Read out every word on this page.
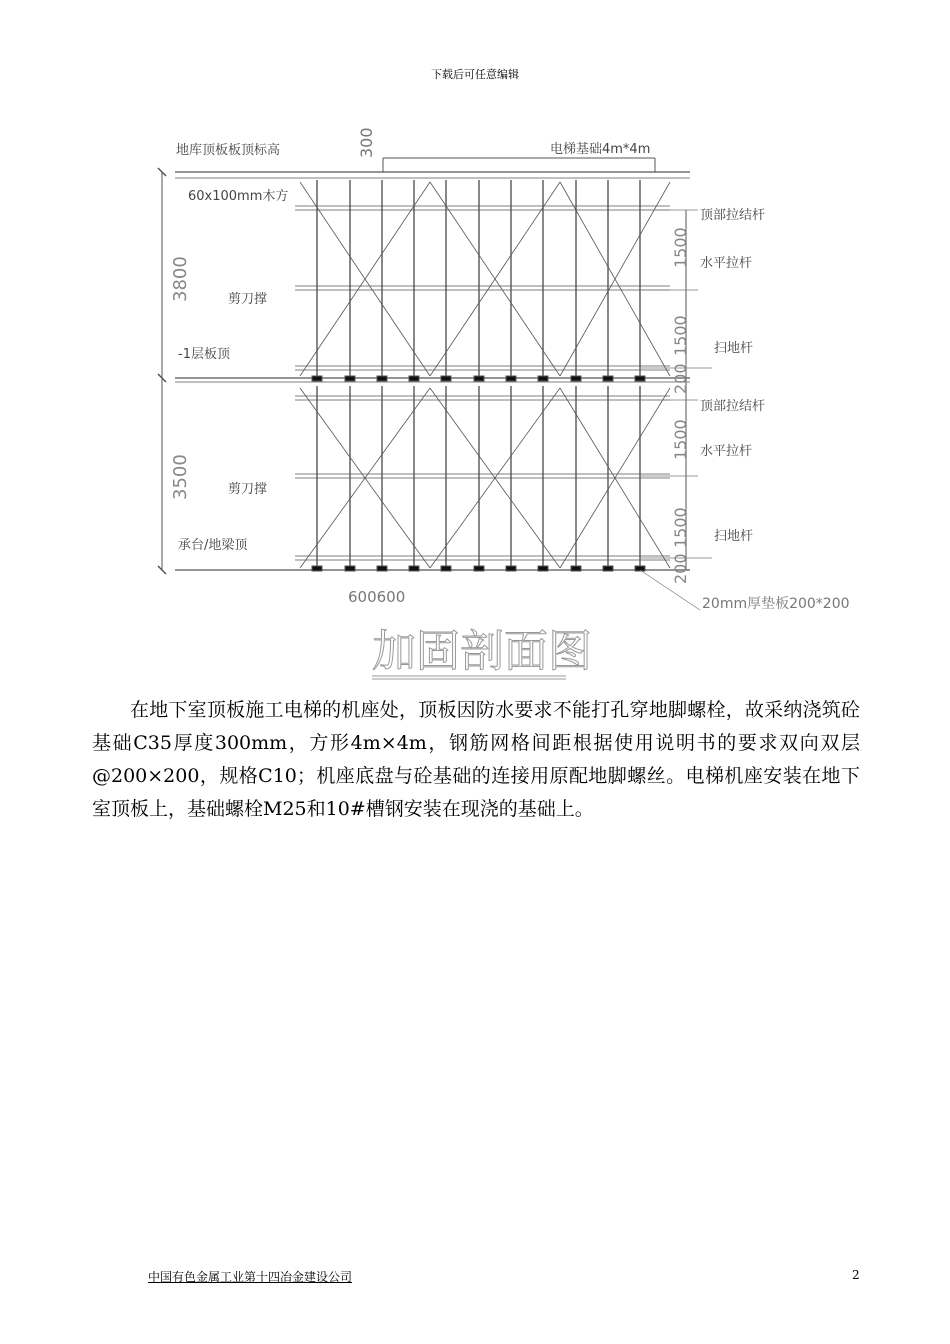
下载后可任意编辑
地库顶板板顶标高
60x100mm木方
电梯基础4m*4m
300
3800
3500
剪刀撑
剪刀撑
-1层板顶
承台/地梁顶
顶部拉结杆
水平拉杆
扫地杆
顶部拉结杆
水平拉杆
扫地杆
1500
1500
200
1500
1500
200
600600	20mm厚垫板200*200
加固剖面图

在地下室顶板施工电梯的机座处，顶板因防水要求不能打孔穿地脚螺栓，故采纳浇筑砼基础C35厚度300mm，方形4m×4m，钢筋网格间距根据使用说明书的要求双向双层@200×200，规格C10；机座底盘与砼基础的连接用原配地脚螺丝。电梯机座安装在地下室顶板上，基础螺栓M25和10#槽钢安装在现浇的基础上。

中国有色金属工业第十四冶金建设公司	2
